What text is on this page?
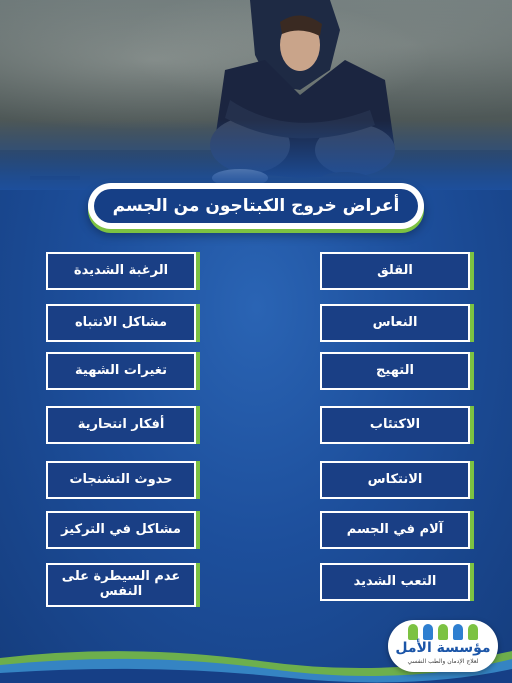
أعراض خروج الكبتاجون من الجسم
القلق
النعاس
التهيج
الاكتئاب
الانتكاس
آلام في الجسم
التعب الشديد
الرغبة الشديدة
مشاكل الانتباه
تغيرات الشهية
أفكار انتحارية
حدوث التشنجات
مشاكل في التركيز
عدم السيطرة على النفس
مؤسسة الأمل
لعلاج الإدمان والطب النفسي
